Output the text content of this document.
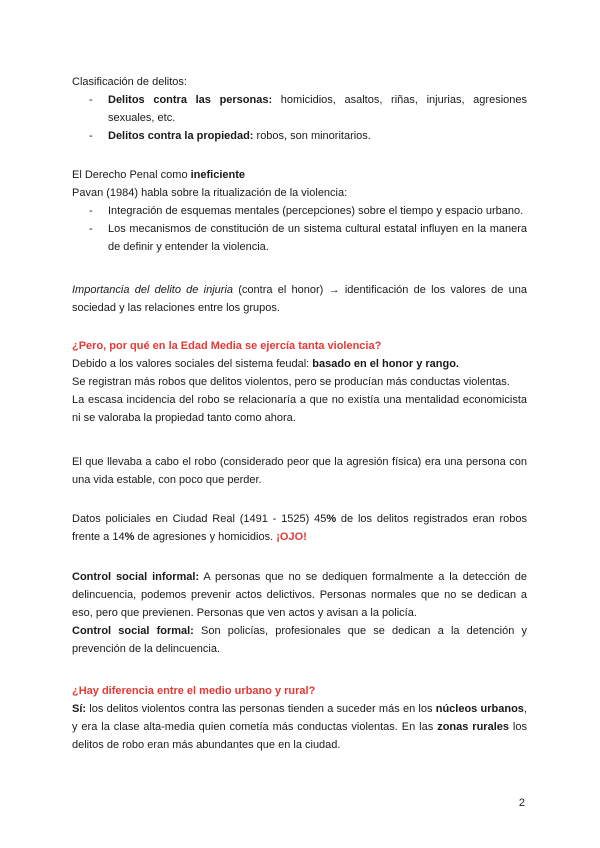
Clasificación de delitos:

- Delitos contra las personas: homicidios, asaltos, riñas, injurias, agresiones sexuales, etc.
- Delitos contra la propiedad: robos, son minoritarios.

El Derecho Penal como ineficiente

Pavan (1984) habla sobre la ritualización de la violencia:

- Integración de esquemas mentales (percepciones) sobre el tiempo y espacio urbano.
- Los mecanismos de constitución de un sistema cultural estatal influyen en la manera de definir y entender la violencia.

Importancia del delito de injuria (contra el honor) → identificación de los valores de una sociedad y las relaciones entre los grupos.

¿Pero, por qué en la Edad Media se ejercía tanta violencia?

Debido a los valores sociales del sistema feudal: basado en el honor y rango.

Se registran más robos que delitos violentos, pero se producían más conductas violentas.

La escasa incidencia del robo se relacionaría a que no existía una mentalidad economicista ni se valoraba la propiedad tanto como ahora.

El que llevaba a cabo el robo (considerado peor que la agresión física) era una persona con una vida estable, con poco que perder.

Datos policiales en Ciudad Real (1491 - 1525) 45% de los delitos registrados eran robos frente a 14% de agresiones y homicidios. ¡OJO!

Control social informal: A personas que no se dediquen formalmente a la detección de delincuencia, podemos prevenir actos delictivos. Personas normales que no se dedican a eso, pero que previenen. Personas que ven actos y avisan a la policía.

Control social formal: Son policías, profesionales que se dedican a la detención y prevención de la delincuencia.

¿Hay diferencia entre el medio urbano y rural?

Sí: los delitos violentos contra las personas tienden a suceder más en los núcleos urbanos, y era la clase alta-media quien cometía más conductas violentas. En las zonas rurales los delitos de robo eran más abundantes que en la ciudad.

2
